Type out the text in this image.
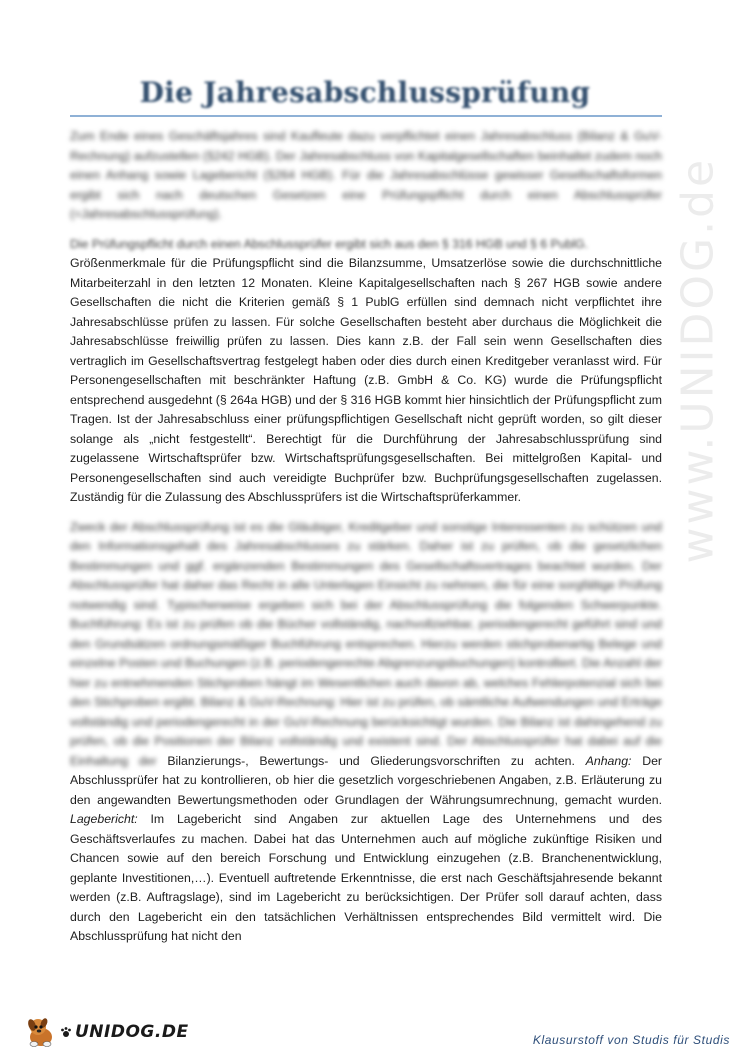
Die Jahresabschlussprüfung
www.UNIDOG.de

Zum Ende eines Geschäftsjahres sind Kaufleute dazu verpflichtet einen Jahresabschluss (Bilanz & GuV-Rechnung) aufzustellen (§242 HGB). Der Jahresabschluss von Kapitalgesellschaften beinhaltet zudem noch einen Anhang sowie Lagebericht (§264 HGB). Für die Jahresabschlüsse gewisser Gesellschaftsformen ergibt sich nach deutschen Gesetzen eine Prüfungspflicht durch einen Abschlussprüfer (=Jahresabschlussprüfung).

Die Prüfungspflicht durch einen Abschlussprüfer ergibt sich aus den § 316 HGB und § 6 PublG.
Größenmerkmale für die Prüfungspflicht sind die Bilanzsumme, Umsatzerlöse sowie die durchschnittliche Mitarbeiterzahl in den letzten 12 Monaten. Kleine Kapitalgesellschaften nach § 267 HGB sowie andere Gesellschaften die nicht die Kriterien gemäß § 1 PublG erfüllen sind demnach nicht verpflichtet ihre Jahresabschlüsse prüfen zu lassen. Für solche Gesellschaften besteht aber durchaus die Möglichkeit die Jahresabschlüsse freiwillig prüfen zu lassen. Dies kann z.B. der Fall sein wenn Gesellschaften dies vertraglich im Gesellschaftsvertrag festgelegt haben oder dies durch einen Kreditgeber veranlasst wird. Für Personengesellschaften mit beschränkter Haftung (z.B. GmbH & Co. KG) wurde die Prüfungspflicht entsprechend ausgedehnt (§ 264a HGB) und der § 316 HGB kommt hier hinsichtlich der Prüfungspflicht zum Tragen. Ist der Jahresabschluss einer prüfungspflichtigen Gesellschaft nicht geprüft worden, so gilt dieser solange als „nicht festgestellt“. Berechtigt für die Durchführung der Jahresabschlussprüfung sind zugelassene Wirtschaftsprüfer bzw. Wirtschaftsprüfungsgesellschaften. Bei mittelgroßen Kapital- und Personengesellschaften sind auch vereidigte Buchprüfer bzw. Buchprüfungsgesellschaften zugelassen. Zuständig für die Zulassung des Abschlussprüfers ist die Wirtschaftsprüferkammer.

Zweck der Abschlussprüfung ist es die Gläubiger, Kreditgeber und sonstige Interessenten zu schützen und den Informationsgehalt des Jahresabschlusses zu stärken. Daher ist zu prüfen, ob die gesetzlichen Bestimmungen und ggf. ergänzenden Bestimmungen des Gesellschaftsvertrages beachtet wurden. Der Abschlussprüfer hat daher das Recht in alle Unterlagen Einsicht zu nehmen, die für eine sorgfältige Prüfung notwendig sind. Typischerweise ergeben sich bei der Abschlussprüfung die folgenden Schwerpunkte. Buchführung: Es ist zu prüfen ob die Bücher vollständig, nachvollziehbar, periodengerecht geführt sind und den Grundsätzen ordnungsmäßiger Buchführung entsprechen. Hierzu werden stichprobenartig Belege und einzelne Posten und Buchungen (z.B. periodengerechte Abgrenzungsbuchungen) kontrolliert. Die Anzahl der hier zu entnehmenden Stichproben hängt im Wesentlichen auch davon ab, welches Fehlerpotenzial sich bei den Stichproben ergibt. Bilanz & GuV-Rechnung: Hier ist zu prüfen, ob sämtliche Aufwendungen und Erträge vollständig und periodengerecht in der GuV-Rechnung berücksichtigt wurden. Die Bilanz ist dahingehend zu prüfen, ob die Positionen der Bilanz vollständig und existent sind. Der Abschlussprüfer hat dabei auf die Einhaltung der Bilanzierungs-, Bewertungs- und Gliederungsvorschriften zu achten. Anhang: Der Abschlussprüfer hat zu kontrollieren, ob hier die gesetzlich vorgeschriebenen Angaben, z.B. Erläuterung zu den angewandten Bewertungsmethoden oder Grundlagen der Währungsumrechnung, gemacht wurden. Lagebericht: Im Lagebericht sind Angaben zur aktuellen Lage des Unternehmens und des Geschäftsverlaufes zu machen. Dabei hat das Unternehmen auch auf mögliche zukünftige Risiken und Chancen sowie auf den bereich Forschung und Entwicklung einzugehen (z.B. Branchenentwicklung, geplante Investitionen,…). Eventuell auftretende Erkenntnisse, die erst nach Geschäftsjahresende bekannt werden (z.B. Auftragslage), sind im Lagebericht zu berücksichtigen. Der Prüfer soll darauf achten, dass durch den Lagebericht ein den tatsächlichen Verhältnissen entsprechendes Bild vermittelt wird. Die Abschlussprüfung hat nicht den

UNIDOG.DE	Klausurstoff von Studis für Studis
